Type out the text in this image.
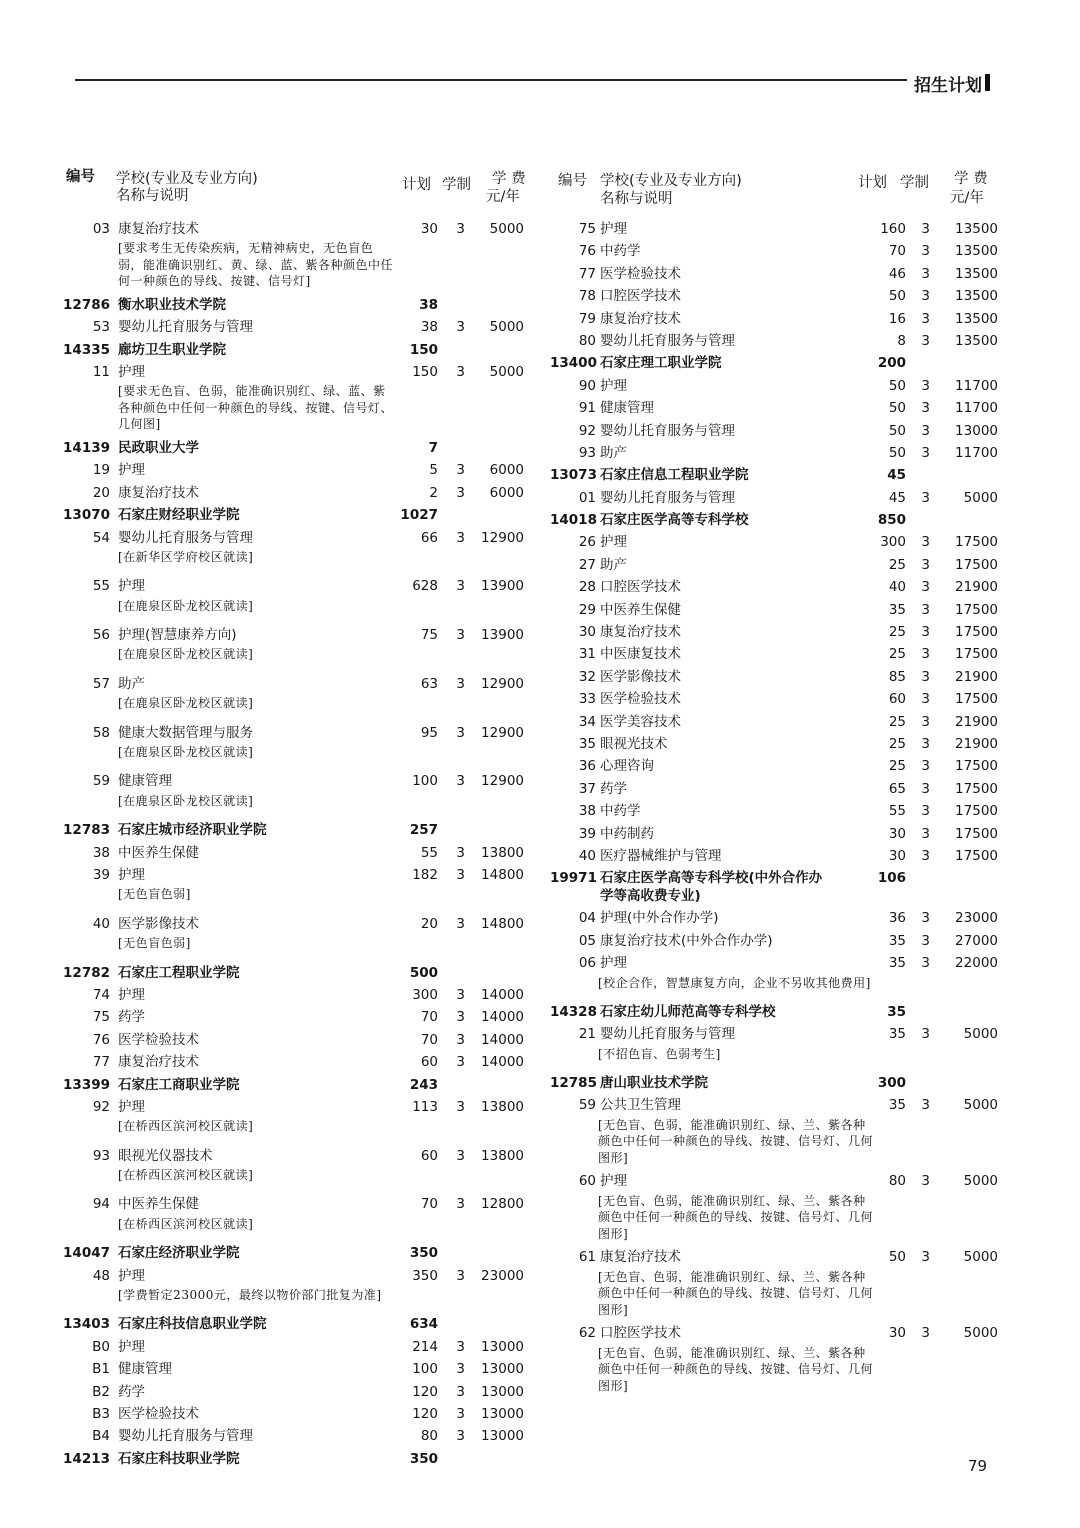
招生计划
编号 学校(专业及专业方向)
名称与说明
计划 学制 学 费
元/年
03 康复治疗技术	30 3	5000
[要求考生无传染疾病，无精神病史，无色盲色弱，能准确识别红、黄、绿、蓝、紫各种颜色中任何一种颜色的导线、按键、信号灯]
12786 衡水职业技术学院	38
53 婴幼儿托育服务与管理	38 3	5000
14335 廊坊卫生职业学院	150
11 护理	150 3	5000
[要求无色盲、色弱，能准确识别红、绿、蓝、紫各种颜色中任何一种颜色的导线、按键、信号灯、几何图]
14139 民政职业大学	7
19 护理	5 3	6000
20 康复治疗技术	2 3	6000
13070 石家庄财经职业学院	1027
54 婴幼儿托育服务与管理	66 3 12900
[在新华区学府校区就读]
55 护理	628 3 13900
[在鹿泉区卧龙校区就读]
56 护理(智慧康养方向)	75 3 13900
[在鹿泉区卧龙校区就读]
57 助产	63 3 12900
[在鹿泉区卧龙校区就读]
58 健康大数据管理与服务	95 3 12900
[在鹿泉区卧龙校区就读]
59 健康管理	100 3 12900
[在鹿泉区卧龙校区就读]
12783 石家庄城市经济职业学院	257
38 中医养生保健	55 3 13800
39 护理	182 3 14800
[无色盲色弱]
40 医学影像技术	20 3 14800
[无色盲色弱]
12782 石家庄工程职业学院	500
74 护理	300 3 14000
75 药学	70 3 14000
76 医学检验技术	70 3 14000
77 康复治疗技术	60 3 14000
13399 石家庄工商职业学院	243
92 护理	113 3 13800
[在桥西区滨河校区就读]
93 眼视光仪器技术	60 3 13800
[在桥西区滨河校区就读]
94 中医养生保健	70 3 12800
[在桥西区滨河校区就读]
14047 石家庄经济职业学院	350
48 护理	350 3 23000
[学费暂定23000元，最终以物价部门批复为准]
13403 石家庄科技信息职业学院	634
B0 护理	214 3 13000
B1 健康管理	100 3 13000
B2 药学	120 3 13000
B3 医学检验技术	120 3 13000
B4 婴幼儿托育服务与管理	80 3 13000
14213 石家庄科技职业学院	350
编号 学校(专业及专业方向)
名称与说明
计划 学制 学 费
元/年
75 护理	160	3	13500
76 中药学	70	3	13500
77 医学检验技术	46	3	13500
78 口腔医学技术	50	3	13500
79 康复治疗技术	16	3	13500
80 婴幼儿托育服务与管理	8	3	13500
13400 石家庄理工职业学院	200
90 护理	50	3	11700
91 健康管理	50	3	11700
92 婴幼儿托育服务与管理	50	3	13000
93 助产	50	3	11700
13073 石家庄信息工程职业学院	45
01 婴幼儿托育服务与管理	45	3	5000
14018 石家庄医学高等专科学校	850
26 护理	300	3	17500
27 助产	25	3	17500
28 口腔医学技术	40	3	21900
29 中医养生保健	35	3	17500
30 康复治疗技术	25	3	17500
31 中医康复技术	25	3	17500
32 医学影像技术	85	3	21900
33 医学检验技术	60	3	17500
34 医学美容技术	25	3	21900
35 眼视光技术	25	3	21900
36 心理咨询	25	3	17500
37 药学	65	3	17500
38 中药学	55	3	17500
39 中药制药	30	3	17500
40 医疗器械维护与管理	30	3	17500
19971 石家庄医学高等专科学校(中外合作办学等高收费专业)
106
04 护理(中外合作办学)	36	3	23000
05 康复治疗技术(中外合作办学)	35	3	27000
06 护理	35	3	22000
[校企合作，智慧康复方向，企业不另收其他费用]
14328 石家庄幼儿师范高等专科学校	35
21 婴幼儿托育服务与管理	35	3	5000
[不招色盲、色弱考生]
12785 唐山职业技术学院	300
59 公共卫生管理	35	3	5000
[无色盲、色弱，能准确识别红、绿、兰、紫各种颜色中任何一种颜色的导线、按键、信号灯、几何图形]
60 护理	80	3	5000
[无色盲、色弱，能准确识别红、绿、兰、紫各种颜色中任何一种颜色的导线、按键、信号灯、几何图形]
61 康复治疗技术	50	3	5000
[无色盲、色弱，能准确识别红、绿、兰、紫各种颜色中任何一种颜色的导线、按键、信号灯、几何图形]
62 口腔医学技术	30	3	5000
[无色盲、色弱，能准确识别红、绿、兰、紫各种颜色中任何一种颜色的导线、按键、信号灯、几何图形]
79
